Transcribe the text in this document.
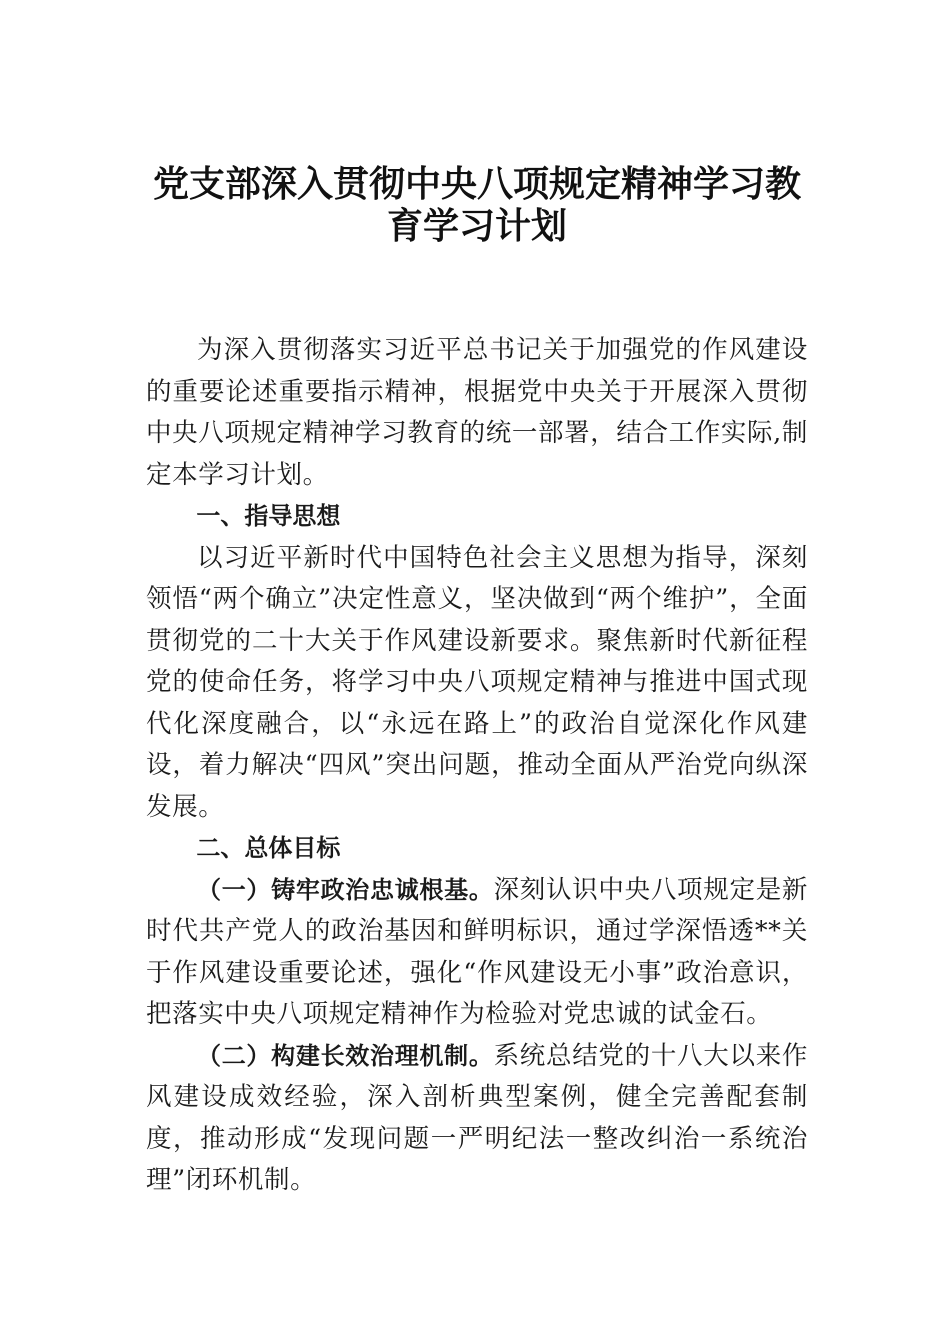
党支部深入贯彻中央八项规定精神学习教
育学习计划

为深入贯彻落实习近平总书记关于加强党的作风建设的重要论述重要指示精神，根据党中央关于开展深入贯彻中央八项规定精神学习教育的统一部署，结合工作实际,制定本学习计划。

一、指导思想

以习近平新时代中国特色社会主义思想为指导，深刻领悟“两个确立”决定性意义，坚决做到“两个维护”，全面贯彻党的二十大关于作风建设新要求。聚焦新时代新征程党的使命任务，将学习中央八项规定精神与推进中国式现代化深度融合，以“永远在路上”的政治自觉深化作风建设，着力解决“四风”突出问题，推动全面从严治党向纵深发展。

二、总体目标

（一）铸牢政治忠诚根基。深刻认识中央八项规定是新时代共产党人的政治基因和鲜明标识，通过学深悟透**关于作风建设重要论述，强化“作风建设无小事”政治意识，把落实中央八项规定精神作为检验对党忠诚的试金石。

（二）构建长效治理机制。系统总结党的十八大以来作风建设成效经验，深入剖析典型案例，健全完善配套制度，推动形成“发现问题一严明纪法一整改纠治一系统治理”闭环机制。
